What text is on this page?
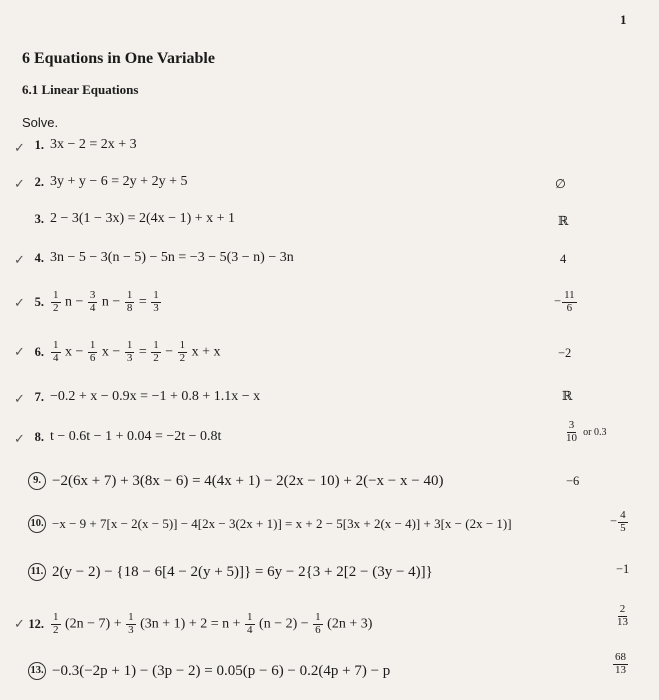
1
6 Equations in One Variable
6.1 Linear Equations
Solve.
1. 3x − 2 = 2x + 3
✓
2. 3y + y − 6 = 2y + 2y + 5
✓	∅
3. 2 − 3(1 − 3x) = 2(4x − 1) + x + 1	ℝ
4. 3n − 5 − 3(n − 5) − 5n = −3 − 5(3 − n) − 3n
✓	4
5. $\frac{1}{2}$ $n - \frac{3}{4}$ $n - \frac{1}{8} = \frac{1}{3}$
✓	− $\frac{11}{6}$
6. $\frac{1}{4}$ $x - \frac{1}{6}$ $x - \frac{1}{3} = \frac{1}{2} - \frac{1}{2}$ x + x
✓	−2
7. −0.2 + x − 0.9x = −1 + 0.8 + 1.1x − x
✓	ℝ
8. t − 0.6t − 1 + 0.04 = −2t − 0.8t
✓	$\frac{3}{10}$ or 0.3
9. −2(6x + 7) + 3(8x − 6) = 4(4x + 1) − 2(2x − 10) + 2(−x − x − 40)	−6
10. −x − 9 + 7[x − 2(x − 5)] − 4[2x − 3(2x + 1)] = x + 2 − 5[3x + 2(x − 4)] + 3[x − (2x − 1)]	− $\frac{4}{5}$
11. 2(y − 2) − {18 − 6[4 − 2(y + 5)]} = 6y − 2{3 + 2[2 − (3y − 4)]}	−1
12. $\frac{1}{2} (2n - 7) + \frac{1}{3} (3n + 1) + 2 = n + \frac{1}{4} (n - 2) - \frac{1}{6} (2n + 3)$
✓	$\frac{2}{13}$
13. −0.3(−2p + 1) − (3p − 2) = 0.05(p − 6) − 0.2(4p + 7) − p	$\frac{68}{13}$
